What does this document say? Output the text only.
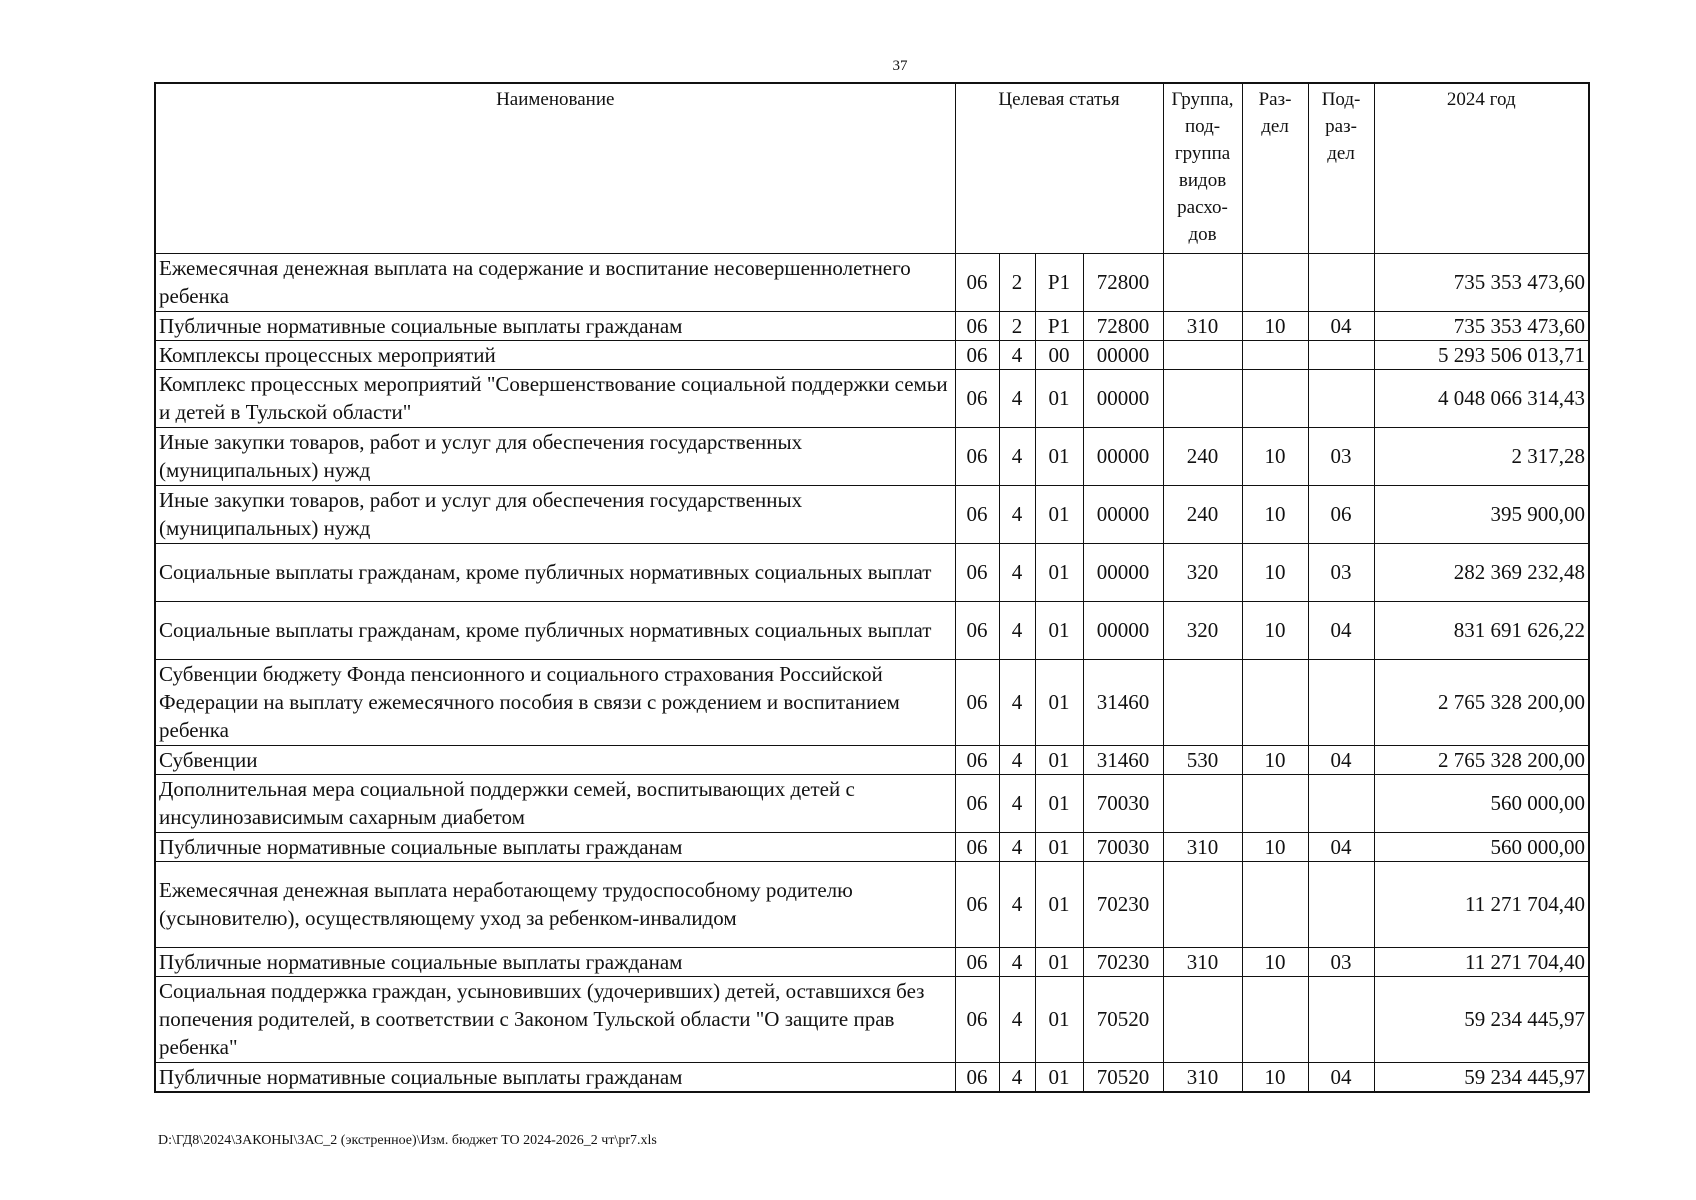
37
Наименование	Целевая статья				Группа, под-группа видов расхо-дов	Раз-дел	Под-раз-дел	2024 год
Ежемесячная денежная выплата на содержание и воспитание несовершеннолетнего ребенка	06	2	Р1	72800				735 353 473,60
Публичные нормативные социальные выплаты гражданам	06	2	Р1	72800	310	10	04	735 353 473,60
Комплексы процессных мероприятий	06	4	00	00000				5 293 506 013,71
Комплекс процессных мероприятий "Совершенствование социальной поддержки семьи и детей в Тульской области"	06	4	01	00000				4 048 066 314,43
Иные закупки товаров, работ и услуг для обеспечения государственных (муниципальных) нужд	06	4	01	00000	240	10	03	2 317,28
Иные закупки товаров, работ и услуг для обеспечения государственных (муниципальных) нужд	06	4	01	00000	240	10	06	395 900,00
Социальные выплаты гражданам, кроме публичных нормативных социальных выплат	06	4	01	00000	320	10	03	282 369 232,48
Социальные выплаты гражданам, кроме публичных нормативных социальных выплат	06	4	01	00000	320	10	04	831 691 626,22
Субвенции бюджету Фонда пенсионного и социального страхования Российской Федерации на выплату ежемесячного пособия в связи с рождением и воспитанием ребенка	06	4	01	31460				2 765 328 200,00
Субвенции	06	4	01	31460	530	10	04	2 765 328 200,00
Дополнительная мера социальной поддержки семей, воспитывающих детей с инсулинозависимым сахарным диабетом	06	4	01	70030				560 000,00
Публичные нормативные социальные выплаты гражданам	06	4	01	70030	310	10	04	560 000,00
Ежемесячная денежная выплата неработающему трудоспособному родителю (усыновителю), осуществляющему уход за ребенком-инвалидом	06	4	01	70230				11 271 704,40
Публичные нормативные социальные выплаты гражданам	06	4	01	70230	310	10	03	11 271 704,40
Социальная поддержка граждан, усыновивших (удочеривших) детей, оставшихся без попечения родителей, в соответствии с Законом Тульской области "О защите прав ребенка"	06	4	01	70520				59 234 445,97
Публичные нормативные социальные выплаты гражданам	06	4	01	70520	310	10	04	59 234 445,97
D:\ГД8\2024\ЗАКОНЫ\ЗАС_2 (экстренное)\Изм. бюджет ТО 2024-2026_2 чт\pr7.xls
